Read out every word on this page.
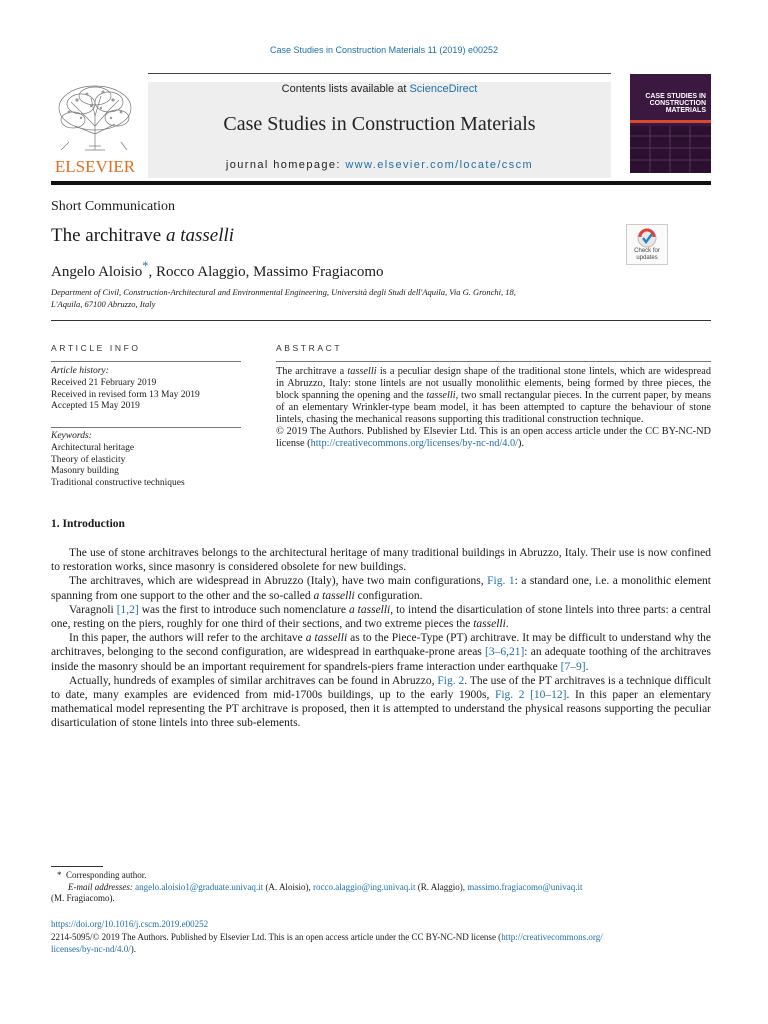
Case Studies in Construction Materials 11 (2019) e00252
ELSEVIER
Contents lists available at ScienceDirect
Case Studies in Construction Materials
journal homepage: www.elsevier.com/locate/cscm
CASE STUDIES IN CONSTRUCTION MATERIALS
Short Communication
The architrave a tasselli
Check for updates
Angelo Aloisio*, Rocco Alaggio, Massimo Fragiacomo
Department of Civil, Construction-Architectural and Environmental Engineering, Università degli Studi dell'Aquila, Via G. Gronchi, 18,
L'Aquila, 67100 Abruzzo, Italy
ARTICLE INFO
Article history:
Received 21 February 2019
Received in revised form 13 May 2019
Accepted 15 May 2019
Keywords:
Architectural heritage
Theory of elasticity
Masonry building
Traditional constructive techniques
ABSTRACT
The architrave a tasselli is a peculiar design shape of the traditional stone lintels, which are widespread in Abruzzo, Italy: stone lintels are not usually monolithic elements, being formed by three pieces, the block spanning the opening and the tasselli, two small rectangular pieces. In the current paper, by means of an elementary Wrinkler-type beam model, it has been attempted to capture the behaviour of stone lintels, chasing the mechanical reasons supporting this traditional construction technique.
© 2019 The Authors. Published by Elsevier Ltd. This is an open access article under the CC BY-NC-ND license (http://creativecommons.org/licenses/by-nc-nd/4.0/).
1. Introduction

The use of stone architraves belongs to the architectural heritage of many traditional buildings in Abruzzo, Italy. Their use is now confined to restoration works, since masonry is considered obsolete for new buildings.

The architraves, which are widespread in Abruzzo (Italy), have two main configurations, Fig. 1: a standard one, i.e. a monolithic element spanning from one support to the other and the so-called a tasselli configuration.

Varagnoli [1,2] was the first to introduce such nomenclature a tasselli, to intend the disarticulation of stone lintels into three parts: a central one, resting on the piers, roughly for one third of their sections, and two extreme pieces the tasselli.

In this paper, the authors will refer to the architave a tasselli as to the Piece-Type (PT) architrave. It may be difficult to understand why the architraves, belonging to the second configuration, are widespread in earthquake-prone areas [3–6,21]: an adequate toothing of the architraves inside the masonry should be an important requirement for spandrels-piers frame interaction under earthquake [7–9].

Actually, hundreds of examples of similar architraves can be found in Abruzzo, Fig. 2. The use of the PT architraves is a technique difficult to date, many examples are evidenced from mid-1700s buildings, up to the early 1900s, Fig. 2 [10–12]. In this paper an elementary mathematical model representing the PT architrave is proposed, then it is attempted to understand the physical reasons supporting the peculiar disarticulation of stone lintels into three sub-elements.

* Corresponding author.
E-mail addresses: angelo.aloisio1@graduate.univaq.it (A. Aloisio), rocco.alaggio@ing.univaq.it (R. Alaggio), massimo.fragiacomo@univaq.it
(M. Fragiacomo).
https://doi.org/10.1016/j.cscm.2019.e00252
2214-5095/© 2019 The Authors. Published by Elsevier Ltd. This is an open access article under the CC BY-NC-ND license (http://creativecommons.org/
licenses/by-nc-nd/4.0/).
